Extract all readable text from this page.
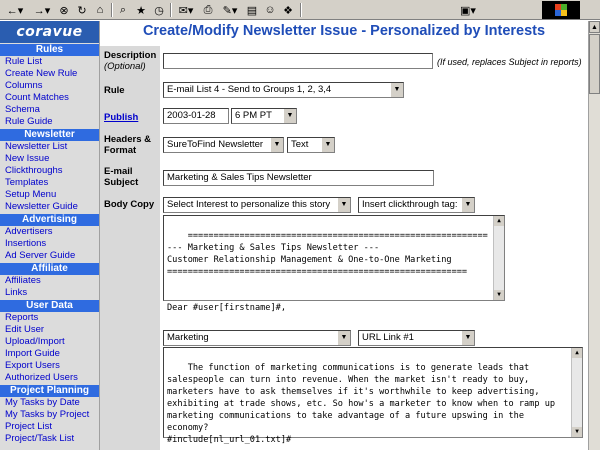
←▾ →▾ ⊗ ↻ ⌂	⌕ ★ ◷	✉▾ ⎙ ✎▾ ▤ ☺ ❖	▣▾
coravue
Rules
Rule List
Create New Rule
Columns
Count Matches
Schema
Rule Guide
Newsletter
Newsletter List
New Issue
Clickthroughs
Templates
Setup Menu
Newsletter Guide
Advertising
Advertisers
Insertions
Ad Server Guide
Affiliate
Affiliates
Links
User Data
Reports
Edit User
Upload/Import
Import Guide
Export Users
Authorized Users
Project Planning
My Tasks by Date
My Tasks by Project
Project List
Project/Task List
Create/Modify Newsletter Issue - Personalized by Interests
Description
(Optional)	(If used, replaces Subject in reports)
Rule	E-mail List 4 - Send to Groups 1, 2, 3,4	▼
Publish	2003-01-28	6 PM PT	▼
Headers &
Format
SureToFind Newsletter	▼	Text	▼
E-mail
Subject	Marketing & Sales Tips Newsletter
Body Copy	Select Interest to personalize this story	▼	Insert clickthrough tag: ▼

==========================================================
--- Marketing & Sales Tips Newsletter ---
Customer Relationship Management & One-to-One Marketing
==========================================================

Dear #user[firstname]#,

▲
▼

Marketing	▼	URL Link #1	▼

The function of marketing communications is to generate leads that salespeople can turn into revenue. When the market isn't ready to buy, marketers have to ask themselves if it's worthwhile to keep advertising, exhibiting at trade shows, etc. So how's a marketer to know when to ramp up marketing communications to take advantage of a future upswing in the economy?
#include[nl_url_01.txt]#

▲
▼

▲
